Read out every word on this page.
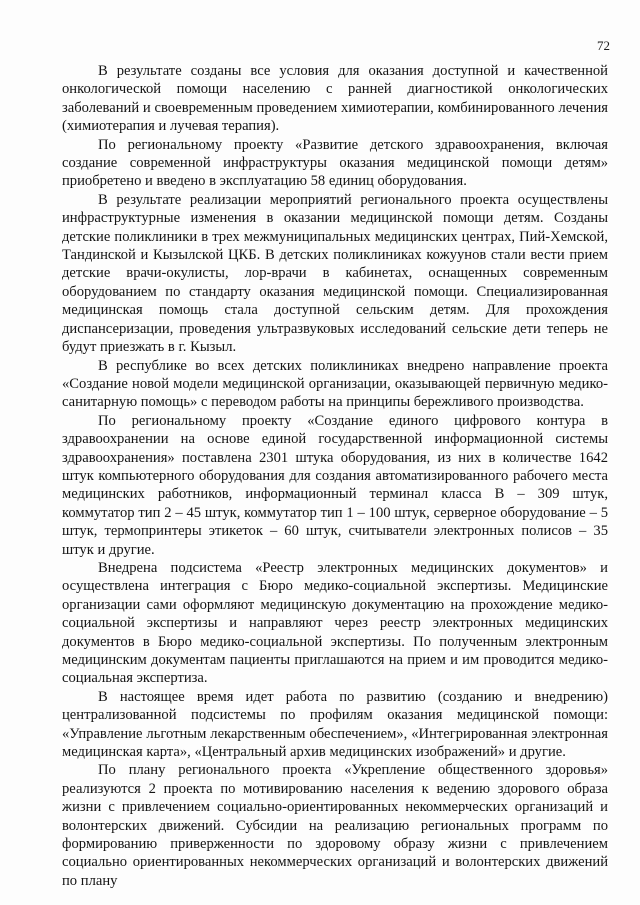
72

В результате созданы все условия для оказания доступной и качественной онкологической помощи населению с ранней диагностикой онкологических заболеваний и своевременным проведением химиотерапии, комбинированного лечения (химиотерапия и лучевая терапия).

По региональному проекту «Развитие детского здравоохранения, включая создание современной инфраструктуры оказания медицинской помощи детям» приобретено и введено в эксплуатацию 58 единиц оборудования.

В результате реализации мероприятий регионального проекта осуществлены инфраструктурные изменения в оказании медицинской помощи детям. Созданы детские поликлиники в трех межмуниципальных медицинских центрах, Пий-Хемской, Тандинской и Кызылской ЦКБ. В детских поликлиниках кожуунов стали вести прием детские врачи-окулисты, лор-врачи в кабинетах, оснащенных современным оборудованием по стандарту оказания медицинской помощи. Специализированная медицинская помощь стала доступной сельским детям. Для прохождения диспансеризации, проведения ультразвуковых исследований сельские дети теперь не будут приезжать в г. Кызыл.

В республике во всех детских поликлиниках внедрено направление проекта «Создание новой модели медицинской организации, оказывающей первичную медико-санитарную помощь» с переводом работы на принципы бережливого производства.

По региональному проекту «Создание единого цифрового контура в здравоохранении на основе единой государственной информационной системы здравоохранения» поставлена 2301 штука оборудования, из них в количестве 1642 штук компьютерного оборудования для создания автоматизированного рабочего места медицинских работников, информационный терминал класса В – 309 штук, коммутатор тип 2 – 45 штук, коммутатор тип 1 – 100 штук, серверное оборудование – 5 штук, термопринтеры этикеток – 60 штук, считыватели электронных полисов – 35 штук и другие.

Внедрена подсистема «Реестр электронных медицинских документов» и осуществлена интеграция с Бюро медико-социальной экспертизы. Медицинские организации сами оформляют медицинскую документацию на прохождение медико-социальной экспертизы и направляют через реестр электронных медицинских документов в Бюро медико-социальной экспертизы. По полученным электронным медицинским документам пациенты приглашаются на прием и им проводится медико-социальная экспертиза.

В настоящее время идет работа по развитию (созданию и внедрению) централизованной подсистемы по профилям оказания медицинской помощи: «Управление льготным лекарственным обеспечением», «Интегрированная электронная медицинская карта», «Центральный архив медицинских изображений» и другие.

По плану регионального проекта «Укрепление общественного здоровья» реализуются 2 проекта по мотивированию населения к ведению здорового образа жизни с привлечением социально-ориентированных некоммерческих организаций и волонтерских движений. Субсидии на реализацию региональных программ по формированию приверженности по здоровому образу жизни с привлечением социально ориентированных некоммерческих организаций и волонтерских движений по плану
